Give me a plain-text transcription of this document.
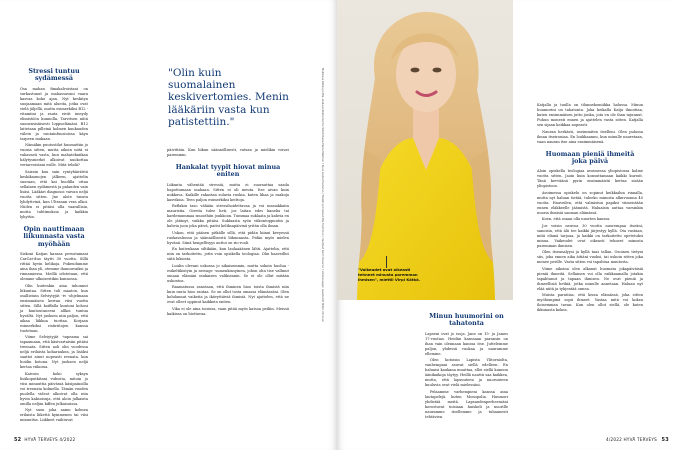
Stressi tuntuu sydämessä

Osa mahan fimakalvoistani on surkastunut ja mahassavani vaara kasvaa koko ajan. Nyt keskityn suojaamaan mitä alueita, jotka ovat vielä jäljellä, mutta esimerkiksi B12 -vitamiini ja rauta eivät imeydy elimistöön kunnolla. Tarvitsen niitä suonensisäisesti loppuelämäni. B12 laitetaan pilleinä kolmen kuukauden välein ja rautainfuusioissa käyn tarpeen mukaan.

Nämäkin puutostilat huomattiin jo vuosia sitten, mutta aikoin niitä ei vakavasti vasta, kun mahatekniikan hälytysmerkit alkoivat nuokottaa veriarvoistani esille. Mitä tehdä?

Sairain kuu sain ryntyhäiriöitä keskikaunojen jälkeen, ajattelin suoraan, että kai kuolilla ottaa sellainen sydämestä ja palauden vain lisäsi. Lääkäri diagnosoi vaivan neljä vuotta sitten. Jne alote tunsta lyhdyttvinä, kun Ultranan vera alkoi. Niiden ei pitäisi olla vaarallisia, mutta tuhtimoksia ja kaikkia lyhyttin.

Opin nauttimaan liikunnasta vasta myöhään

Siskoni Katjan kanssa perustamani CarCat-duo täytti 30 vuotta. Sillä rittää hyvin kelikoja. Pukeudumme aina ihan yli, otemme ihanuuvaiksi ja rinnamiessa. Meillä odotetaan, että olemme ulkoisestikin kunnossa.

Olin kuitenkin aina inhonnut liikuntaa. Sitten tuli maaton, kun osallistuin Selviytyjät -tv -ohjelmaan ensimmäisen kerran viisi vuotta sitten. Sillä koiffalla kuntoni kohosi ja kuntoutuneeni allkoi tuntua hyvältä. Nyt juoksen niin paljon, että aikaa liikkua tuottaa. Korjaan esimerkiksi ristiriitojen kanssa tuotetaan.

Viime Selviytyjät -tapeama sai tapaamaan, että käsivartaisiin pitäisi treenata. Sitten aoli olin vuodessa neljä erilaista koharaukea, ja lisäksi saattoi ainut nopeasti reenata, kun hoidin kotona. Nyt juoksen neljä kertaa viikossa.

Kaivoin koko syksyn lisäkoputkitani videoita, mitoin jo viisi minuuttia päivässä käsipainoilla voi treenata kolmella. Tämän vuoden puolella videot alkoivat olla niin hyvin kaksoisuja, että aloin julkaista omilla neljän kiffen julkaisuissa.

Nyt suon joka aamu kolmea erilaista liikettä kymmenen tai viisi minuuttia. Liikkeet vaihtuvat

"Olin kuin suomalainen keskivertomies. Menin lääkäriin vasta kun patistettiin."

päivittäin. Kun liikun säännöllisesti, vatsan ja mielikin voivat paremmin.

Hankalat tyypit hiovat minua eniten

Liikunta vähentää stressiä, mutta ei suorauttaa saada hapottomaan mahaan. Sitten ei oli meuta. Itse aivan kuin nukkuva. Kaikille rakastan sulavia ruokia, kuten lihaa ja raakoja kasviksia. Teen paljon esimerkiksi keittoja.

Reflakin taso vähään stressihoidettavaa ja voi masiakkaita mauristia. Oireita tulee heti, jos laitan edes kanelia tai kardemummaa smoothiin joukkoon. Tummaa suklaata ja kahvia en ole jätänyt, vaikka pitäisi. Suklaasta syön viikontoppuutin ja kahvia juon joka päivä, paitsi keliksapäivinä yritän olla ilman.

Uskon, että pääsen pitkälle sillä, että pidän kiinni kevyessä ruokavaliossa ja säännöllisestä liikunnasta. Pidän myös mielen hyvänä. Siinä hengellisyys auttoi on rio-rooli.

En kuitenkaan siltikään, kun laulaaäänen lähti. Ajattelin, että niin on tarkoitettu, jotta voin opiskella teologiaa. Olin haaveillut siitä lukiosta.

Luulin olevani uskossa jo aikaisemmin, mutta sokoin huolua -esikeltikistyin ja newage -sumenkinsyinen, johon olin tise vallmut omaan elämäni mukaisen valikoinnin. Se ei ole ollut mitään uskontoa.

Raamatussa sanotaan, että ihminen hioo toista ihmistä niin kuin rauta hioo rautaa. Se on ollut tosta omassa elämässäni. Olen kohdannut vaikeita ja ikävyttäiviä ihmisiä. Nyt ajattelen, että ne ovat olleet oppinut kaikkein eniten.

Vika ei ole aina toisissa, vaan pitää myös katsoa peiliin. Meissä kaikissa on hiottavaa.	Meikkaus Riikka ja Mia, stailaus Riikka Kontio Teksti Kaisa-Maria Mäkinen / Kuva Aleksi Poutanen / Meikki ja hiukset Mia Tuominen / Vaatteet Karin Pesonen / Valokuvaajan assistentti Mikko Oinonen
52 HYVÄ TERVEYS 4/2022
"Vaikeudet ovat oikeasti tehneet minusta paremman ihmisen", miettii Virpi Kätkä.
Minun huumorini on tahatonta

Lapseni ovat jo isoja. Jane on 15- ja James 17-vuotias. Heidän kanssaan paransin on ihan vain olennaan kanssa itse. Juttelemme paljon, yhdessä ruokaa ja nauramme ellemme.

Olen kotoisin Lapista Ylitorniolta, vanhempani asuvat siellä edelleen. En haluaisi kaukana muuttaa, ellei siellä kunnon äänikaikoja täytyy. Heillä nauttii saa kaikkea, mutta, että lapsuuteen ja nuoruuteen kuuluvia ovat vielä mielessäni.

Pelaamme varhempieni kanssa aina lautapelejä, kuten Monopolia. Huumori yhdistää meitä. Lapsuudenperheessäni korostuvat toisiaan huiskeli ja nuorille nauramme itsellemme ja tuhannesti tehtävien.

Katjalla ja tuulla on tilannekomiikka halussa. Minun huumorini on tahatonta. Joka keikalla Katja ilmoittaa, kuten ensimmäisen juttu jonka, jota en ole ihan tajunnut. Puhun monesti ennen ja ajattelen vasta sitten. Katjalla sen sijaan keikkaa nopeasti.

Nauran herkästi, useimmiten itselleni. Olen pulassa ilman itseironiaa. En loukkaannu, kun minulle nauretaan, vaan nauran itse aina ensimmäisenä.

Huomaan pieniä ihmeitä joka päivä

Aloin opiskella teologiaa avoimessa yliopistossa kolme vuotta sitten. Jaoin kuin konsuttamaan kaikki kurssit. Tänä kevväänä pyrin ensimmäistä kertaa sisään yliopistoon.

Avoimessa opiskelu on sopinut keikkailun rinnalla, mutta nyt haluan tietää, tuleeko minusta alkuvuonna 40 vuotta. Haaveilen, että valmistun papiksi viimeistään ennen eläkkeelle jäämistä. Haluaisin auttaa varsinkin nuoria ihmisiä sauman elämässä.

Koen, että osaan olla nuorten kanssa.

Jos voisin neuvoa 30 vuotta nuorempaa itseäni, sanoisin, että älä tee kaikki järjestyy kyllä. Ota vastaan, mitä elämä tarjoaa, ja kaikki on tarkoitettu opetetuksi minua. Vaikeudet ovat oikeasti tehneet minusta paremman ihmisen.

Olen itseanalyysi ja kyllä taas tallan. Osoinen tietyni siis, joka ennen aika äitiäni vuoksi, tai uskoin sitten joka menee perille. Vasta sitten voi tapahtua muutosta.

Viime aikoina olen alkanut huomata jokapäiväisiä pieniä ihmeitä. Sellainen voi olla raikkaamalla jotakin tapahtunut ja tapaan ihmisen. Ne ovat pieniä ja ihmeellisiä hetkiä, jotka minulle annetaan. Haluan nyt elää niitä ja tyhjentää onnea.

Muista paratiisa, että kivaa elämässä, joka sitten myöhempinä sopii ihmeet. Vastaa mitä voi kokea iloisemman tavan. Kun olen ollut siellä, ole kuten ikkunasta kokea.

4/2022 HYVÄ TERVEYS 53
